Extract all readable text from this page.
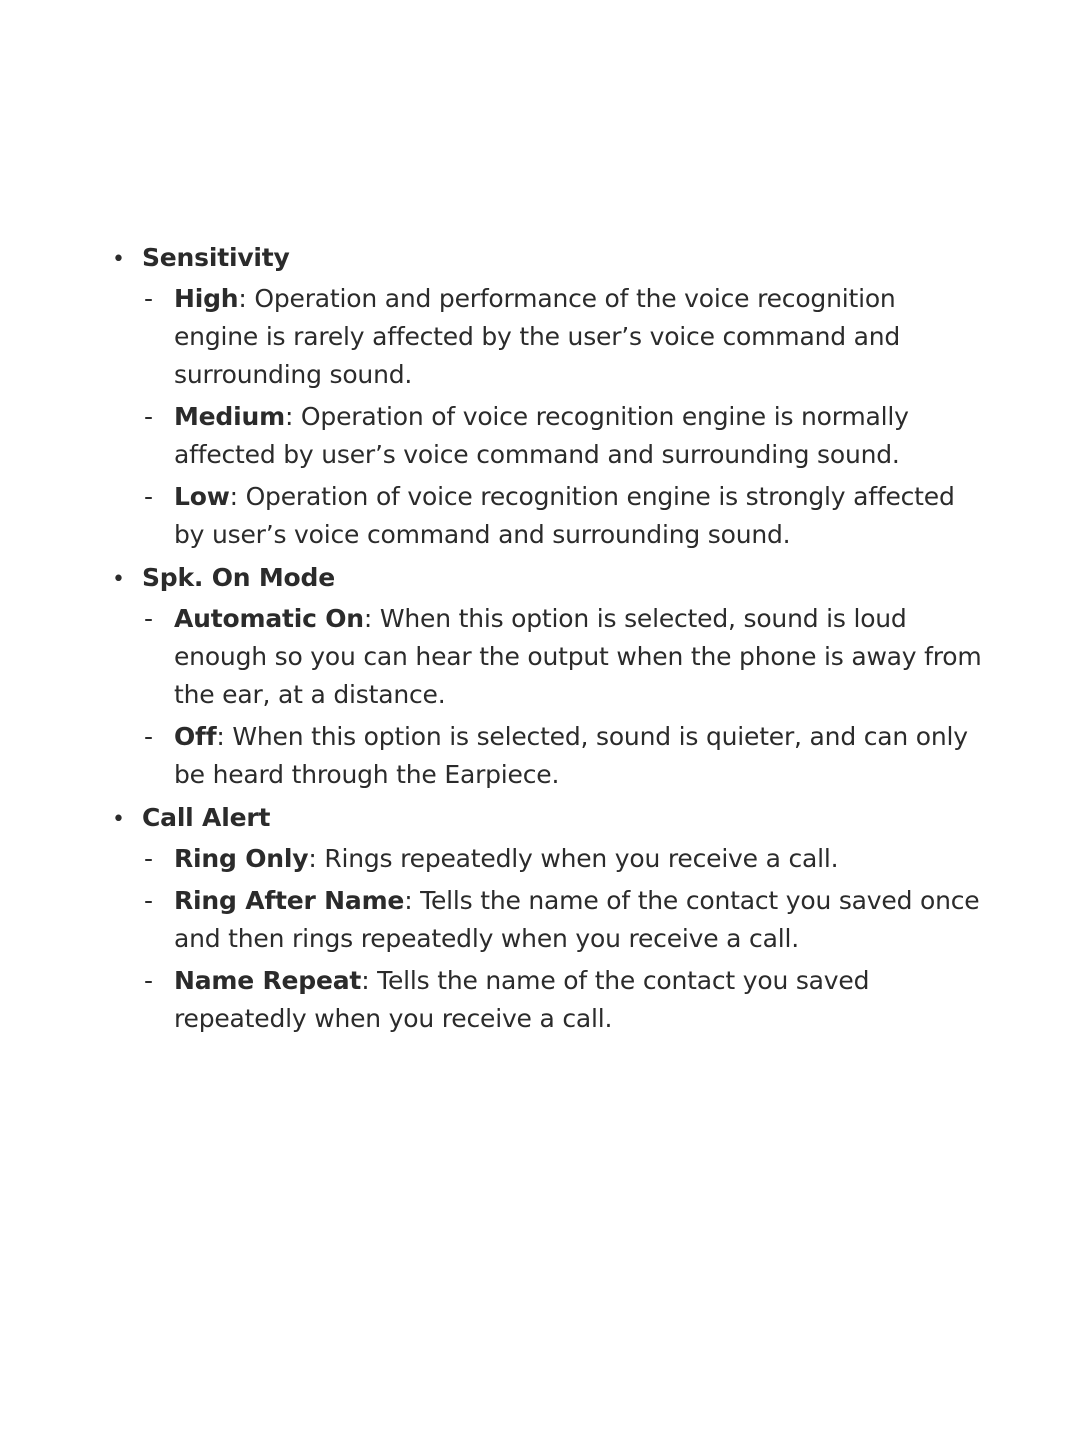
• Sensitivity
- High: Operation and performance of the voice recognition engine is rarely affected by the user’s voice command and surrounding sound.
- Medium: Operation of voice recognition engine is normally affected by user’s voice command and surrounding sound.
- Low: Operation of voice recognition engine is strongly affected by user’s voice command and surrounding sound.
• Spk. On Mode
- Automatic On: When this option is selected, sound is loud enough so you can hear the output when the phone is away from the ear, at a distance.
- Off: When this option is selected, sound is quieter, and can only be heard through the Earpiece.
• Call Alert
- Ring Only: Rings repeatedly when you receive a call.
- Ring After Name: Tells the name of the contact you saved once and then rings repeatedly when you receive a call.
- Name Repeat: Tells the name of the contact you saved repeatedly when you receive a call.
